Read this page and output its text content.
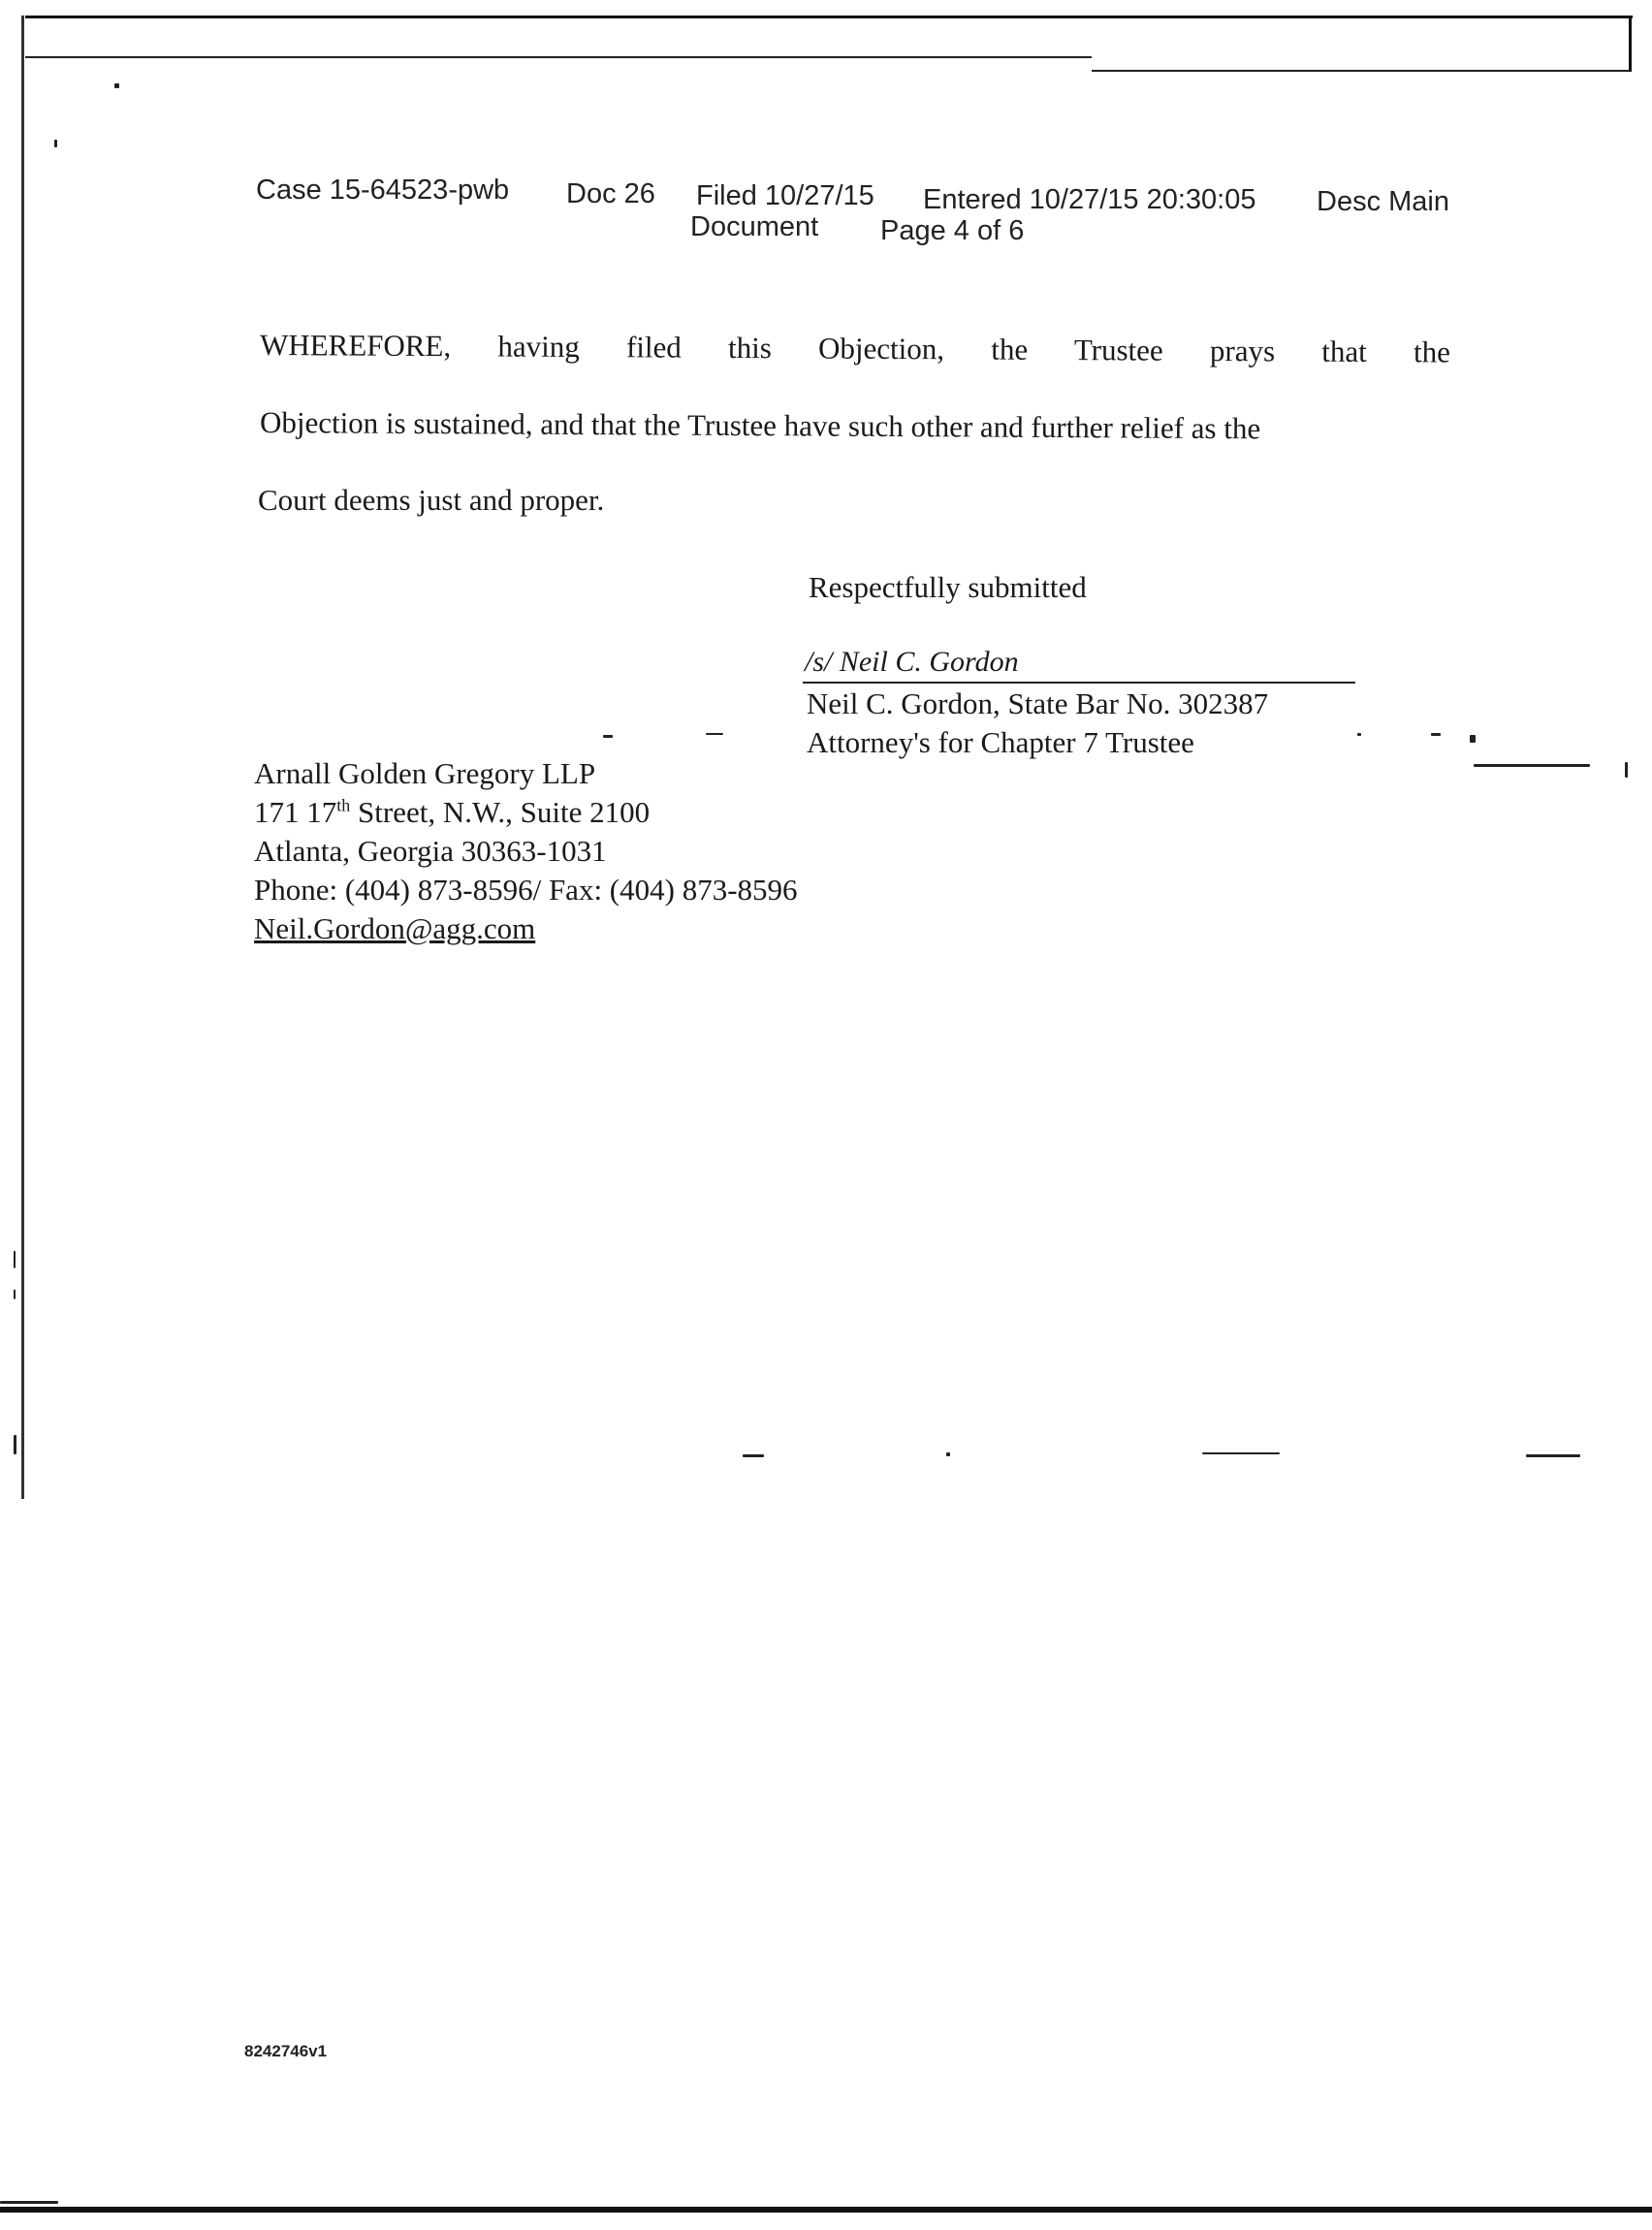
Case 15-64523-pwb Doc 26 Filed 10/27/15 Entered 10/27/15 20:30:05 Desc Main
Document Page 4 of 6
WHEREFORE, having filed this Objection, the Trustee prays that the
Objection is sustained, and that the Trustee have such other and further relief as the
Court deems just and proper.
Respectfully submitted
/s/ Neil C. Gordon
Neil C. Gordon, State Bar No. 302387
Attorney's for Chapter 7 Trustee
Arnall Golden Gregory LLP
171 17th Street, N.W., Suite 2100
Atlanta, Georgia 30363-1031
Phone: (404) 873-8596/ Fax: (404) 873-8596
Neil.Gordon@agg.com
8242746v1
